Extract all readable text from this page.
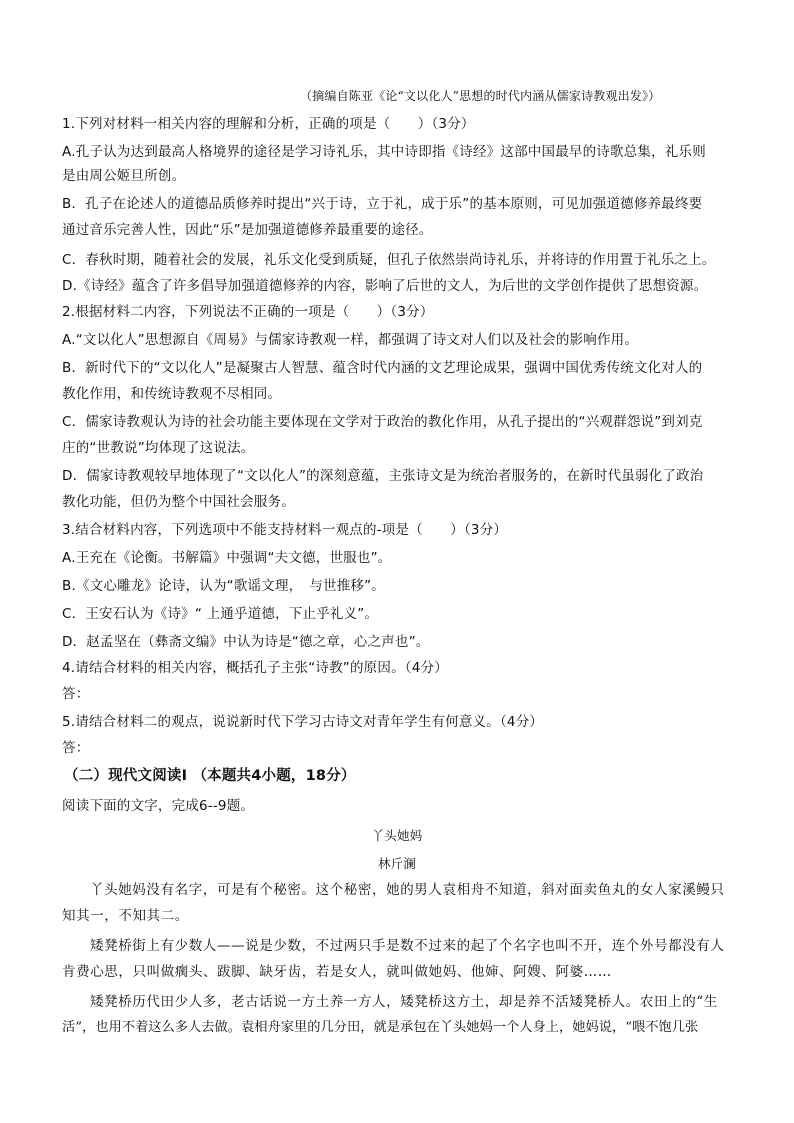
（摘编自陈亚《论“文以化人”思想的时代内涵从儒家诗教观出发》）
1.下列对材料一相关内容的理解和分析，正确的项是（　　）（3分）
A.孔子认为达到最高人格境界的途径是学习诗礼乐，其中诗即指《诗经》这部中国最早的诗歌总集，礼乐则
是由周公姬旦所创。
B．孔子在论述人的道德品质修养时提出“兴于诗，立于礼，成于乐”的基本原则，可见加强道德修养最终要
通过音乐完善人性，因此“乐”是加强道德修养最重要的途径。
C．春秋时期，随着社会的发展，礼乐文化受到质疑，但孔子依然崇尚诗礼乐，并将诗的作用置于礼乐之上。
D.《诗经》蕴含了许多倡导加强道德修养的内容，影响了后世的文人，为后世的文学创作提供了思想资源。
2.根据材料二内容，下列说法不正确的一项是（　　）（3分）
A.“文以化人”思想源自《周易》与儒家诗教观一样，都强调了诗文对人们以及社会的影响作用。
B．新时代下的“文以化人”是凝聚古人智慧、蕴含时代内涵的文艺理论成果，强调中国优秀传统文化对人的
教化作用，和传统诗教观不尽相同。
C．儒家诗教观认为诗的社会功能主要体现在文学对于政治的教化作用，从孔子提出的“兴观群怨说”到刘克
庄的“世教说”均体现了这说法。
D．儒家诗教观较早地体现了“文以化人”的深刻意蕴，主张诗文是为统治者服务的，在新时代虽弱化了政治
教化功能，但仍为整个中国社会服务。
3.结合材料内容，下列选项中不能支持材料一观点的-项是（　　）（3分）
A.王充在《论衡。书解篇》中强调“夫文德，世服也”。
B.《文心雕龙》论诗，认为“歌谣文理，　与世推移”。
C．王安石认为《诗》“ 上通乎道德，下止乎礼义”。
D．赵孟坚在（彝斋文编》中认为诗是“德之章，心之声也”。
4.请结合材料的相关内容，概括孔子主张“诗教”的原因。（4分）
答：
5.请结合材料二的观点，说说新时代下学习古诗文对青年学生有何意义。（4分）
答：
（二）现代文阅读Ⅰ （本题共4小题，18分）
阅读下面的文字，完成6--9题。
丫头她妈
林斤澜
丫头她妈没有名字，可是有个秘密。这个秘密，她的男人袁相舟不知道，斜对面卖鱼丸的女人家溪鳗只
知其一，不知其二。
矮凳桥街上有少数人——说是少数，不过两只手是数不过来的起了个名字也叫不开，连个外号都没有人
肯费心思，只叫做瘸头、跋脚、缺牙齿，若是女人，就叫做她妈、他婶、阿嫂、阿婆……
矮凳桥历代田少人多，老古话说一方土养一方人，矮凳桥这方土，却是养不活矮凳桥人。农田上的“生
活”，也用不着这么多人去做。袁相舟家里的几分田，就是承包在丫头她妈一个人身上，她妈说，“喂不饱几张
